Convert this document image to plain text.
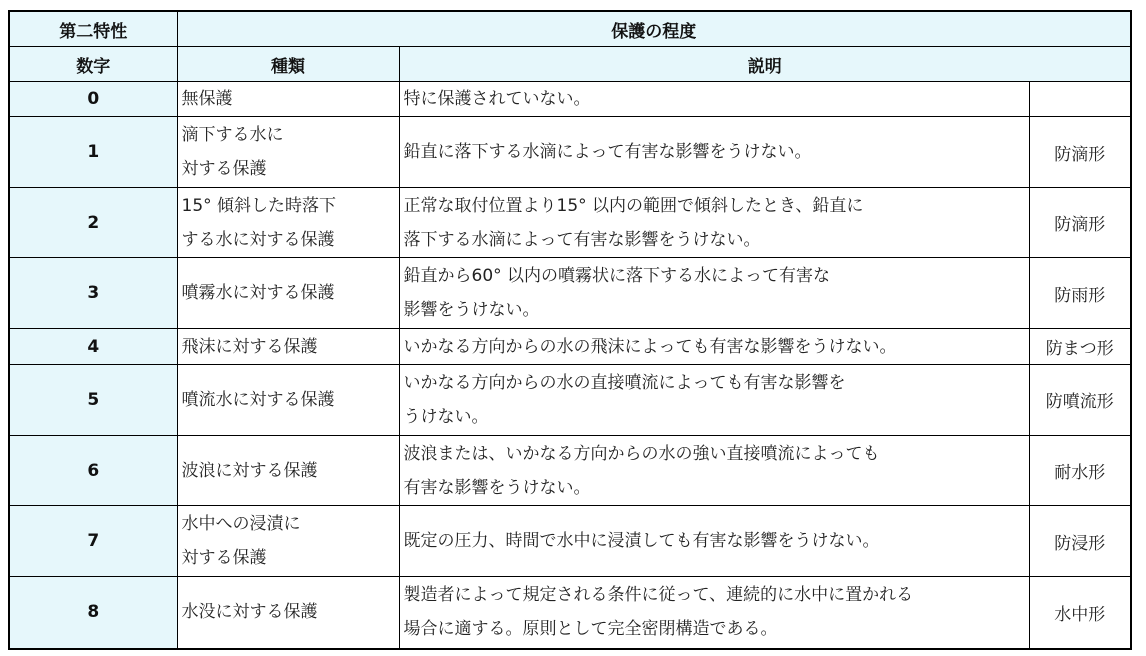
第二特性	保護の程度		
数字	種類	説明	
0	無保護	特に保護されていない。	

1	滴下する水に
対する保護	鉛直に落下する水滴によって有害な影響をうけない。	防滴形
2	15° 傾斜した時落下
する水に対する保護	正常な取付位置より15° 以内の範囲で傾斜したとき、鉛直に
落下する水滴によって有害な影響をうけない。	防滴形
3	噴霧水に対する保護	鉛直から60° 以内の噴霧状に落下する水によって有害な
影響をうけない。	防雨形
4	飛沫に対する保護	いかなる方向からの水の飛沫によっても有害な影響をうけない。	防まつ形
5	噴流水に対する保護	いかなる方向からの水の直接噴流によっても有害な影響を
うけない。	防噴流形
6	波浪に対する保護	波浪または、いかなる方向からの水の強い直接噴流によっても
有害な影響をうけない。	耐水形
7	水中への浸漬に
対する保護	既定の圧力、時間で水中に浸漬しても有害な影響をうけない。	防浸形
8	水没に対する保護	製造者によって規定される条件に従って、連続的に水中に置かれる
場合に適する。原則として完全密閉構造である。	水中形
